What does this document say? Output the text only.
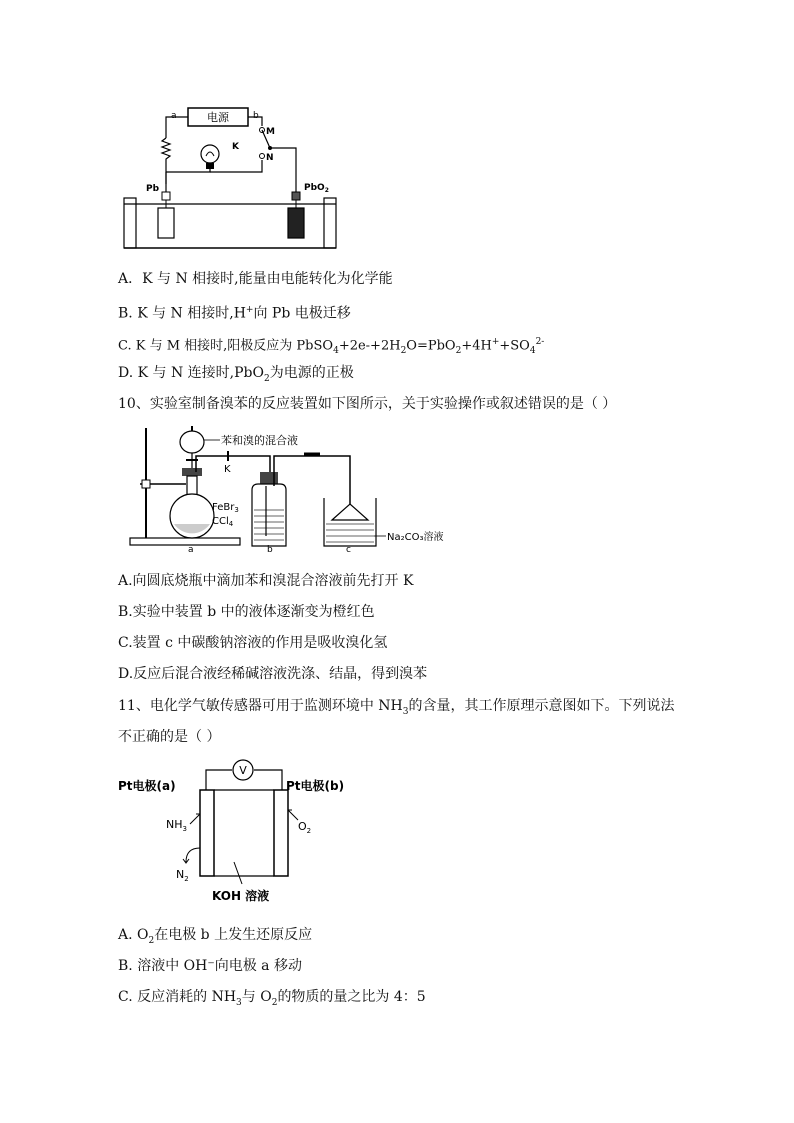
电源
a	b
M
N
K
Pb	PbO$_2$
A．K 与 N 相接时,能量由电能转化为化学能
B. K 与 N 相接时,H+向 Pb 电极迁移
C. K 与 M 相接时,阳极反应为 $PbSO_4+2e-+2H_2O=PbO_2+4H^++SO_4^{2-}$
D. K 与 N 连接时,PbO$_2$为电源的正极
10、实验室制备溴苯的反应装置如下图所示，关于实验操作或叙述错误的是（ ）
苯和溴的混合液
FeBr$_3$
CCl$_4$
a
K
b
Na₂CO₃溶液
c
A.向圆底烧瓶中滴加苯和溴混合溶液前先打开 K
B.实验中装置 b 中的液体逐渐变为橙红色
C.装置 c 中碳酸钠溶液的作用是吸收溴化氢
D.反应后混合液经稀碱溶液洗涤、结晶，得到溴苯
11、电化学气敏传感器可用于监测环境中 $NH_3$的含量，其工作原理示意图如下。下列说法
不正确的是（ ）
V
Pt电极(a)	Pt电极(b)
$NH_3$
$N_2$
$O_2$
KOH 溶液
A. $O_2$在电极 b 上发生还原反应
B. 溶液中 OH⁻向电极 a 移动
C. 反应消耗的 $NH_3$与 $O_2$的物质的量之比为 4：5
